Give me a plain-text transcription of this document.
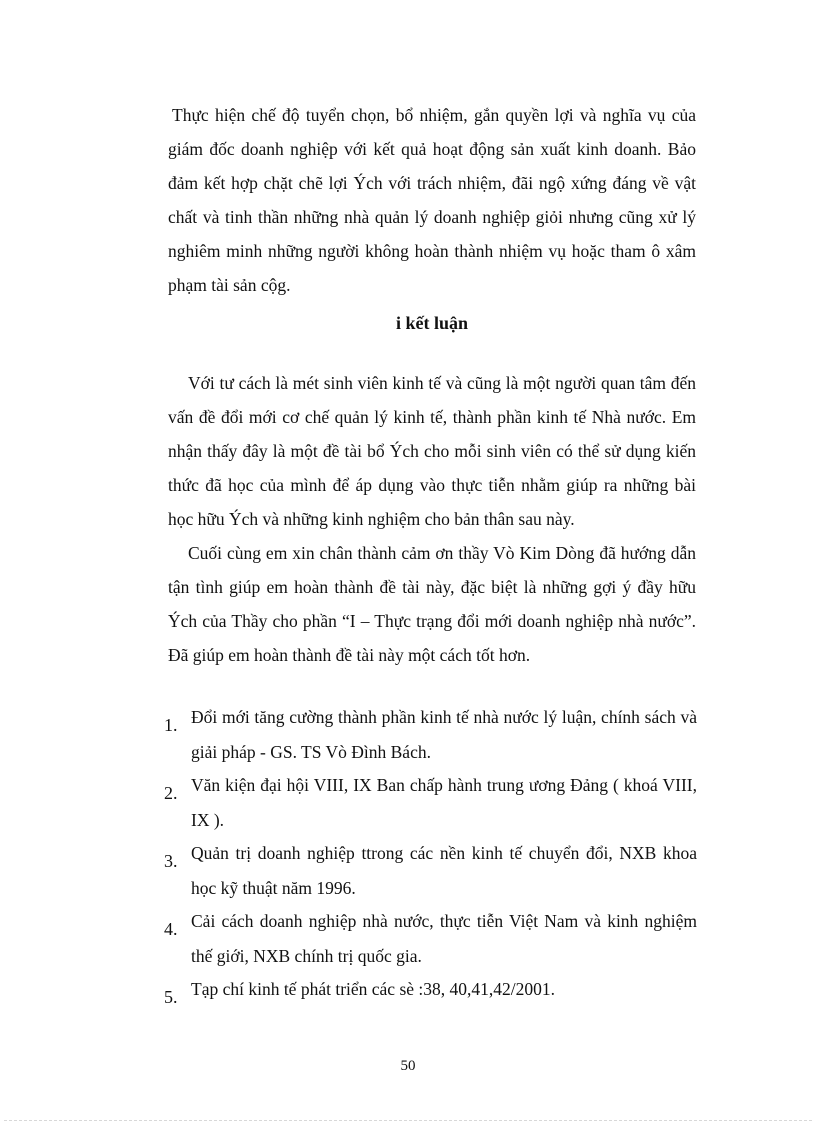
Thực hiện chế độ tuyển chọn, bổ nhiệm, gắn quyền lợi và nghĩa vụ của giám đốc doanh nghiệp với kết quả hoạt động sản xuất kinh doanh. Bảo đảm kết hợp chặt chẽ lợi Ých với trách nhiệm, đãi ngộ xứng đáng về vật chất và tinh thần những nhà quản lý doanh nghiệp giỏi nhưng cũng xử lý nghiêm minh những người không hoàn thành nhiệm vụ hoặc tham ô xâm phạm tài sản cộg.

i kết luận

Với tư cách là mét sinh viên kinh tế và cũng là một người quan tâm đến vấn đề đổi mới cơ chế quản lý kinh tế, thành phần kinh tế Nhà nước. Em nhận thấy đây là một đề tài bổ Ých cho mỗi sinh viên có thể sử dụng kiến thức đã học của mình để áp dụng vào thực tiễn nhằm giúp ra những bài học hữu Ých và những kinh nghiệm cho bản thân sau này.

Cuối cùng em xin chân thành cảm ơn thầy Vò Kim Dòng đã hướng dẫn tận tình giúp em hoàn thành đề tài này, đặc biệt là những gợi ý đầy hữu Ých của Thầy cho phần “I – Thực trạng đổi mới doanh nghiệp nhà nước”. Đã giúp em hoàn thành đề tài này một cách tốt hơn.

1. Đổi mới tăng cường thành phần kinh tế nhà nước lý luận, chính sách và giải pháp - GS. TS Vò Đình Bách.
2. Văn kiện đại hội VIII, IX Ban chấp hành trung ương Đảng ( khoá VIII, IX ).
3. Quản trị doanh nghiệp ttrong các nền kinh tế chuyển đổi, NXB khoa học kỹ thuật năm 1996.
4. Cải cách doanh nghiệp nhà nước, thực tiễn Việt Nam và kinh nghiệm thế giới, NXB chính trị quốc gia.
5. Tạp chí kinh tế phát triển các sè :38, 40,41,42/2001.
50
